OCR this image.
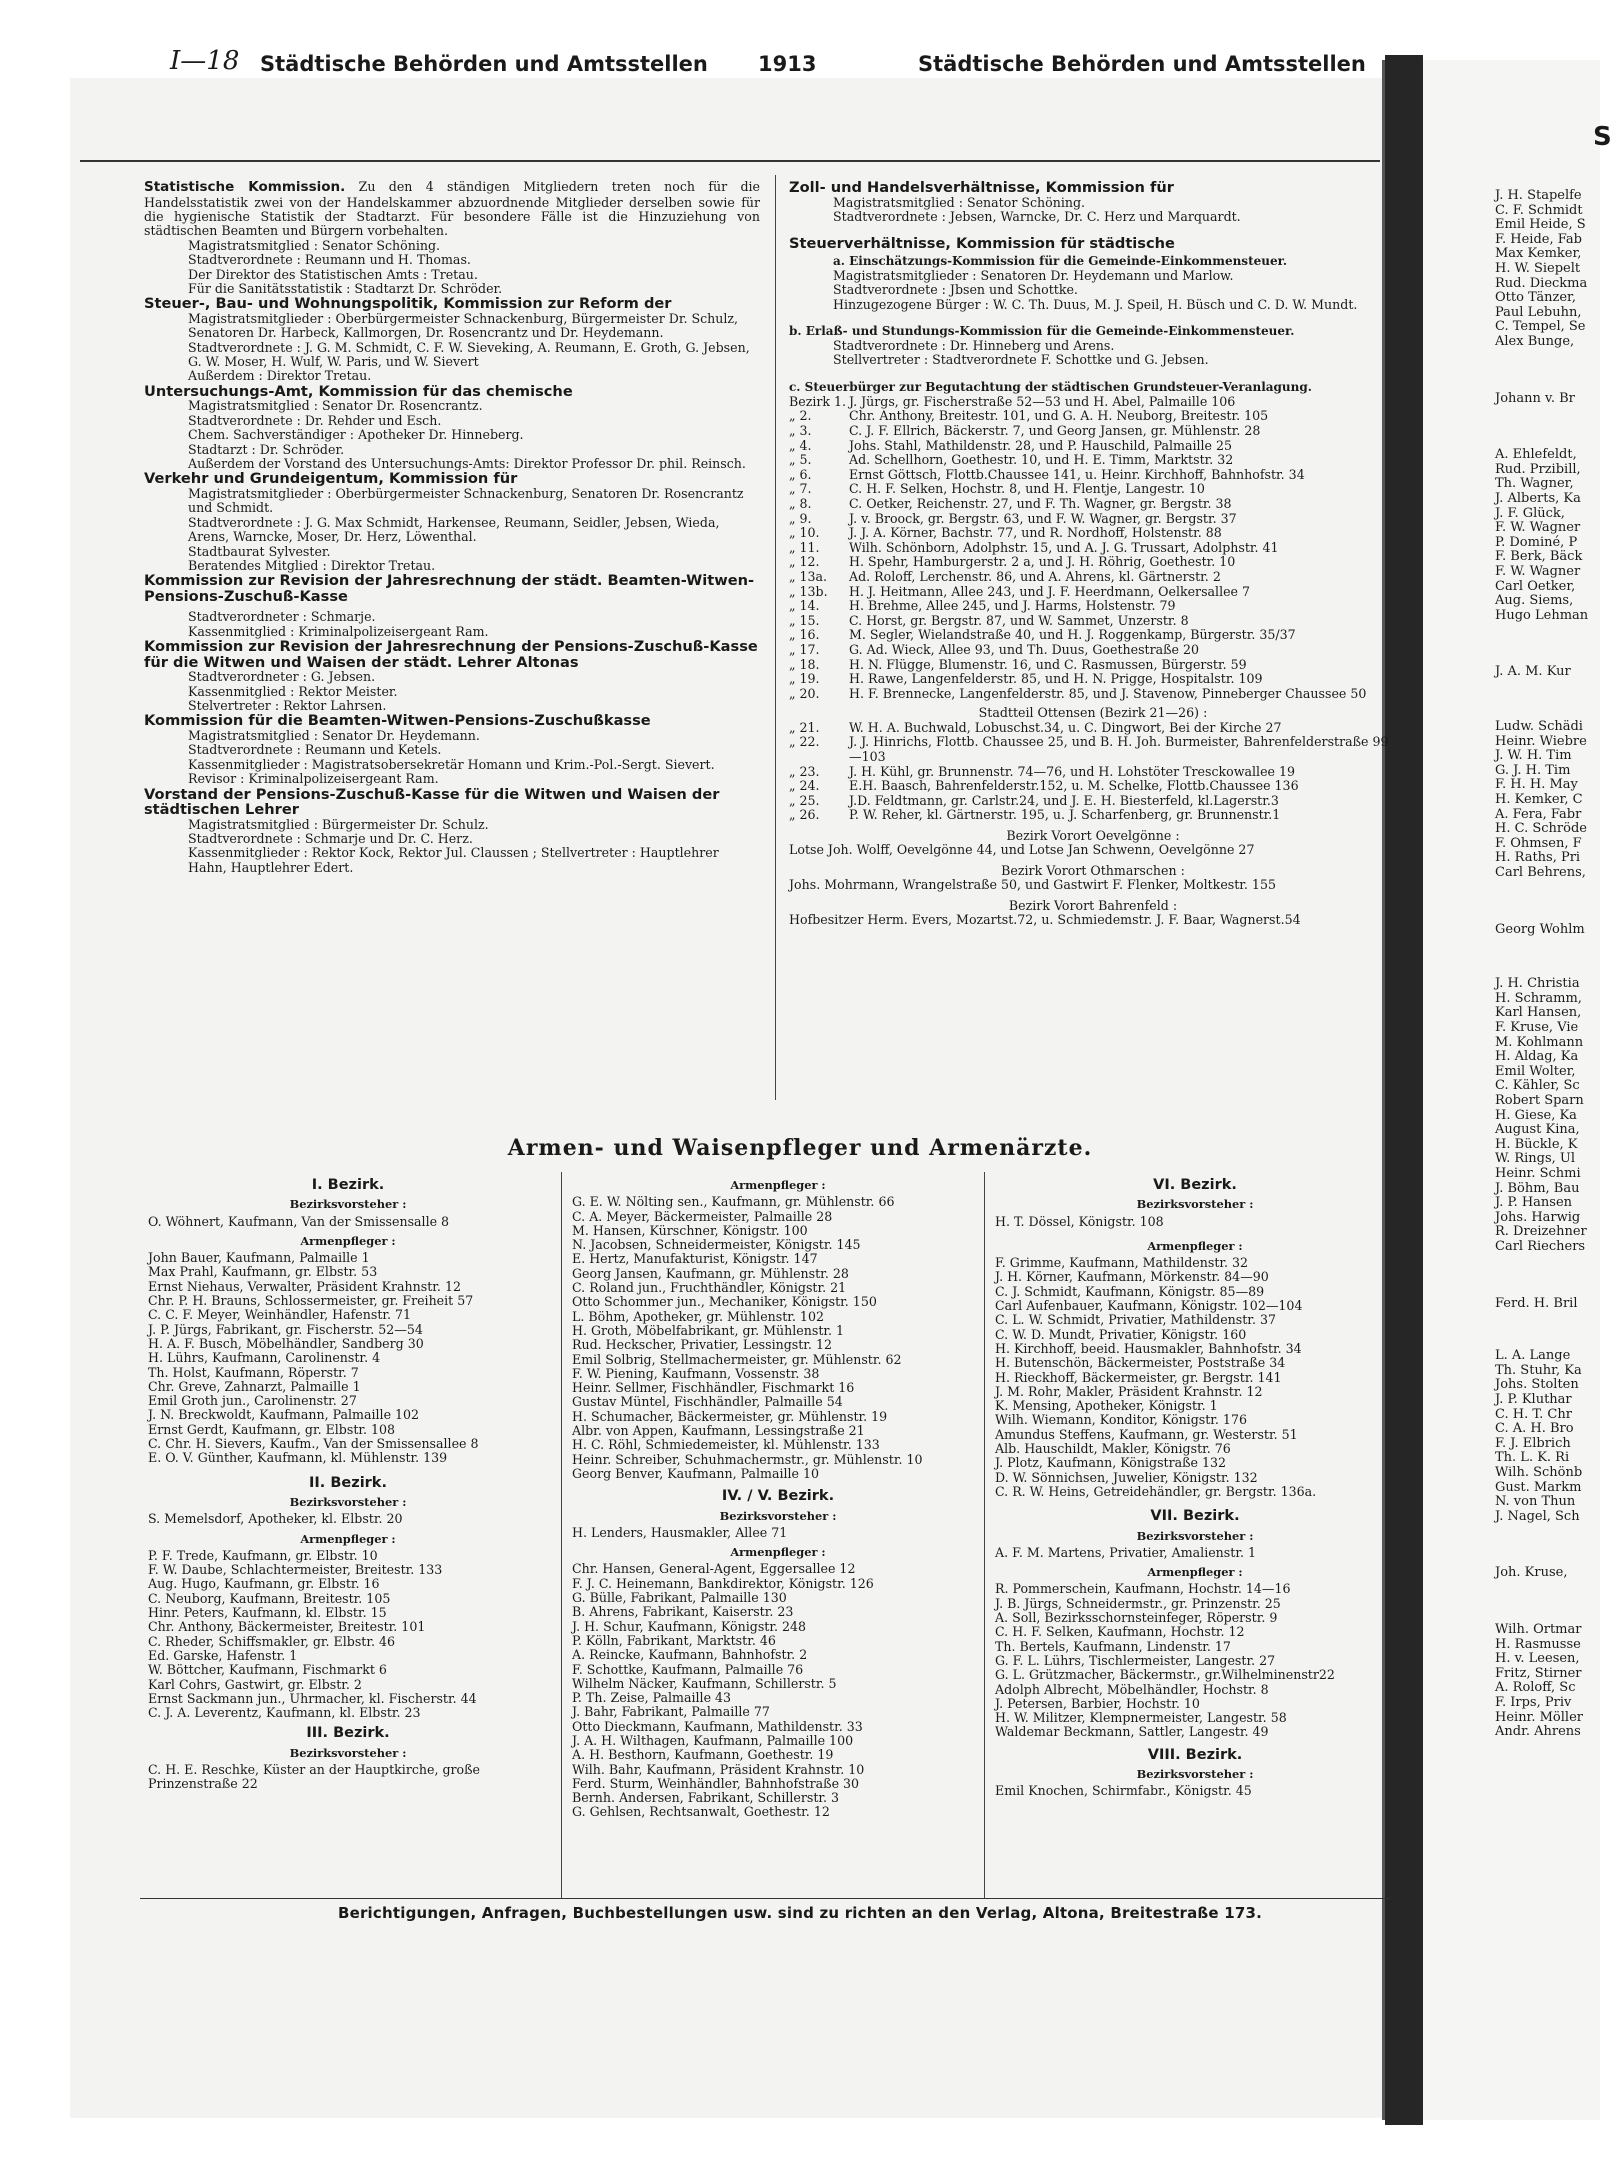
S
J. H. Stapelfe
C. F. Schmidt
Emil Heide, S
F. Heide, Fab
Max Kemker,
H. W. Siepelt
Rud. Dieckma
Otto Tänzer,
Paul Lebuhn,
C. Tempel, Se
Alex Bunge,
Johann v. Br
A. Ehlefeldt,
Rud. Przibill,
Th. Wagner,
J. Alberts, Ka
J. F. Glück,
F. W. Wagner
P. Dominé, P
F. Berk, Bäck
F. W. Wagner
Carl Oetker,
Aug. Siems,
Hugo Lehman
J. A. M. Kur
Ludw. Schädi
Heinr. Wiebre
J. W. H. Tim
G. J. H. Tim
F. H. H. May
H. Kemker, C
A. Fera, Fabr
H. C. Schröde
F. Ohmsen, F
H. Raths, Pri
Carl Behrens,
Georg Wohlm
J. H. Christia
H. Schramm,
Karl Hansen,
F. Kruse, Vie
M. Kohlmann
H. Aldag, Ka
Emil Wolter,
C. Kähler, Sc
Robert Sparn
H. Giese, Ka
August Kina,
H. Bückle, K
W. Rings, Ul
Heinr. Schmi
J. Böhm, Bau
J. P. Hansen
Johs. Harwig
R. Dreizehner
Carl Riechers
Ferd. H. Bril
L. A. Lange
Th. Stuhr, Ka
Johs. Stolten
J. P. Kluthar
C. H. T. Chr
C. A. H. Bro
F. J. Elbrich
Th. L. K. Ri
Wilh. Schönb
Gust. Markm
N. von Thun
J. Nagel, Sch
Joh. Kruse,
Wilh. Ortmar
H. Rasmusse
H. v. Leesen,
Fritz, Stirner
A. Roloff, Sc
F. Irps, Priv
Heinr. Möller
Andr. Ahrens
I—18 Städtische Behörden und Amtsstellen 1913	Städtische Behörden und Amtsstellen

Statistische Kommission. Zu den 4 ständigen Mitgliedern treten noch für die Handelsstatistik zwei von der Handelskammer abzuordnende Mitglieder derselben sowie für die hygienische Statistik der Stadtarzt. Für besondere Fälle ist die Hinzuziehung von städtischen Beamten und Bürgern vorbehalten.

Magistratsmitglied : Senator Schöning.

Stadtverordnete : Reumann und H. Thomas.

Der Direktor des Statistischen Amts : Tretau.

Für die Sanitätsstatistik : Stadtarzt Dr. Schröder.

Steuer-, Bau- und Wohnungspolitik, Kommission zur Reform der

Magistratsmitglieder : Oberbürgermeister Schnackenburg, Bürgermeister Dr. Schulz, Senatoren Dr. Harbeck, Kallmorgen, Dr. Rosencrantz und Dr. Heydemann.

Stadtverordnete : J. G. M. Schmidt, C. F. W. Sieveking, A. Reumann, E. Groth, G. Jebsen, G. W. Moser, H. Wulf, W. Paris, und W. Sievert

Außerdem : Direktor Tretau.

Untersuchungs-Amt, Kommission für das chemische

Magistratsmitglied : Senator Dr. Rosencrantz.

Stadtverordnete : Dr. Rehder und Esch.

Chem. Sachverständiger : Apotheker Dr. Hinneberg.

Stadtarzt : Dr. Schröder.

Außerdem der Vorstand des Untersuchungs-Amts: Direktor Professor Dr. phil. Reinsch.

Verkehr und Grundeigentum, Kommission für

Magistratsmitglieder : Oberbürgermeister Schnackenburg, Senatoren Dr. Rosencrantz und Schmidt.

Stadtverordnete : J. G. Max Schmidt, Harkensee, Reumann, Seidler, Jebsen, Wieda, Arens, Warncke, Moser, Dr. Herz, Löwenthal.

Stadtbaurat Sylvester.

Beratendes Mitglied : Direktor Tretau.

Kommission zur Revision der Jahresrechnung der städt. Beamten-Witwen-Pensions-Zuschuß-Kasse

Stadtverordneter : Schmarje.

Kassenmitglied : Kriminalpolizeisergeant Ram.

Kommission zur Revision der Jahresrechnung der Pensions-Zuschuß-Kasse für die Witwen und Waisen der städt. Lehrer Altonas

Stadtverordneter : G. Jebsen.

Kassenmitglied : Rektor Meister.

Stelvertreter : Rektor Lahrsen.

Kommission für die Beamten-Witwen-Pensions-Zuschußkasse

Magistratsmitglied : Senator Dr. Heydemann.

Stadtverordnete : Reumann und Ketels.

Kassenmitglieder : Magistratsobersekretär Homann und Krim.-Pol.-Sergt. Sievert.

Revisor : Kriminalpolizeisergeant Ram.

Vorstand der Pensions-Zuschuß-Kasse für die Witwen und Waisen der städtischen Lehrer

Magistratsmitglied : Bürgermeister Dr. Schulz.

Stadtverordnete : Schmarje und Dr. C. Herz.

Kassenmitglieder : Rektor Kock, Rektor Jul. Claussen ; Stellvertreter : Hauptlehrer Hahn, Hauptlehrer Edert.

Zoll- und Handelsverhältnisse, Kommission für

Magistratsmitglied : Senator Schöning.

Stadtverordnete : Jebsen, Warncke, Dr. C. Herz und Marquardt.

Steuerverhältnisse, Kommission für städtische

a. Einschätzungs-Kommission für die Gemeinde-Einkommensteuer.

Magistratsmitglieder : Senatoren Dr. Heydemann und Marlow.

Stadtverordnete : Jbsen und Schottke.

Hinzugezogene Bürger : W. C. Th. Duus, M. J. Speil, H. Büsch und C. D. W. Mundt.

b. Erlaß- und Stundungs-Kommission für die Gemeinde-Einkommensteuer.

Stadtverordnete : Dr. Hinneberg und Arens.

Stellvertreter : Stadtverordnete F. Schottke und G. Jebsen.

c. Steuerbürger zur Begutachtung der städtischen Grundsteuer-Veranlagung.

Bezirk 1. J. Jürgs, gr. Fischerstraße 52—53 und H. Abel, Palmaille 106
„ 2.	Chr. Anthony, Breitestr. 101, und G. A. H. Neuborg, Breitestr. 105
„ 3.	C. J. F. Ellrich, Bäckerstr. 7, und Georg Jansen, gr. Mühlenstr. 28
„ 4.	Johs. Stahl, Mathildenstr. 28, und P. Hauschild, Palmaille 25
„ 5.	Ad. Schellhorn, Goethestr. 10, und H. E. Timm, Marktstr. 32
„ 6.	Ernst Göttsch, Flottb.Chaussee 141, u. Heinr. Kirchhoff, Bahnhofstr. 34
„ 7.	C. H. F. Selken, Hochstr. 8, und H. Flentje, Langestr. 10
„ 8.	C. Oetker, Reichenstr. 27, und F. Th. Wagner, gr. Bergstr. 38
„ 9.	J. v. Broock, gr. Bergstr. 63, und F. W. Wagner, gr. Bergstr. 37
„ 10.	J. J. A. Körner, Bachstr. 77, und R. Nordhoff, Holstenstr. 88
„ 11.	Wilh. Schönborn, Adolphstr. 15, und A. J. G. Trussart, Adolphstr. 41
„ 12.	H. Spehr, Hamburgerstr. 2 a, und J. H. Röhrig, Goethestr. 10
„ 13a.	Ad. Roloff, Lerchenstr. 86, und A. Ahrens, kl. Gärtnerstr. 2
„ 13b.	H. J. Heitmann, Allee 243, und J. F. Heerdmann, Oelkersallee 7
„ 14.	H. Brehme, Allee 245, und J. Harms, Holstenstr. 79
„ 15.	C. Horst, gr. Bergstr. 87, und W. Sammet, Unzerstr. 8
„ 16.	M. Segler, Wielandstraße 40, und H. J. Roggenkamp, Bürgerstr. 35/37
„ 17.	G. Ad. Wieck, Allee 93, und Th. Duus, Goethestraße 20
„ 18.	H. N. Flügge, Blumenstr. 16, und C. Rasmussen, Bürgerstr. 59
„ 19.	H. Rawe, Langenfelderstr. 85, und H. N. Prigge, Hospitalstr. 109
„ 20.	H. F. Brennecke, Langenfelderstr. 85, und J. Stavenow, Pinneberger Chaussee 50

Stadtteil Ottensen (Bezirk 21—26) :

„ 21.	W. H. A. Buchwald, Lobuschst.34, u. C. Dingwort, Bei der Kirche 27
„ 22.	J. J. Hinrichs, Flottb. Chaussee 25, und B. H. Joh. Burmeister, Bahrenfelderstraße 99—103
„ 23.	J. H. Kühl, gr. Brunnenstr. 74—76, und H. Lohstöter Tresckowallee 19
„ 24.	E.H. Baasch, Bahrenfelderstr.152, u. M. Schelke, Flottb.Chaussee 136
„ 25.	J.D. Feldtmann, gr. Carlstr.24, und J. E. H. Biesterfeld, kl.Lagerstr.3
„ 26.	P. W. Reher, kl. Gärtnerstr. 195, u. J. Scharfenberg, gr. Brunnenstr.1

Bezirk Vorort Oevelgönne :

Lotse Joh. Wolff, Oevelgönne 44, und Lotse Jan Schwenn, Oevelgönne 27

Bezirk Vorort Othmarschen :

Johs. Mohrmann, Wrangelstraße 50, und Gastwirt F. Flenker, Moltkestr. 155

Bezirk Vorort Bahrenfeld :

Hofbesitzer Herm. Evers, Mozartst.72, u. Schmiedemstr. J. F. Baar, Wagnerst.54

Armen- und Waisenpfleger und Armenärzte.
I. Bezirk.
Bezirksvorsteher :

O. Wöhnert, Kaufmann, Van der Smissensalle 8

Armenpfleger :

John Bauer, Kaufmann, Palmaille 1

Max Prahl, Kaufmann, gr. Elbstr. 53

Ernst Niehaus, Verwalter, Präsident Krahnstr. 12

Chr. P. H. Brauns, Schlossermeister, gr. Freiheit 57

C. C. F. Meyer, Weinhändler, Hafenstr. 71

J. P. Jürgs, Fabrikant, gr. Fischerstr. 52—54

H. A. F. Busch, Möbelhändler, Sandberg 30

H. Lührs, Kaufmann, Carolinenstr. 4

Th. Holst, Kaufmann, Röperstr. 7

Chr. Greve, Zahnarzt, Palmaille 1

Emil Groth jun., Carolinenstr. 27

J. N. Breckwoldt, Kaufmann, Palmaille 102

Ernst Gerdt, Kaufmann, gr. Elbstr. 108

C. Chr. H. Sievers, Kaufm., Van der Smissensallee 8

E. O. V. Günther, Kaufmann, kl. Mühlenstr. 139

II. Bezirk.
Bezirksvorsteher :

S. Memelsdorf, Apotheker, kl. Elbstr. 20

Armenpfleger :

P. F. Trede, Kaufmann, gr. Elbstr. 10

F. W. Daube, Schlachtermeister, Breitestr. 133

Aug. Hugo, Kaufmann, gr. Elbstr. 16

C. Neuborg, Kaufmann, Breitestr. 105

Hinr. Peters, Kaufmann, kl. Elbstr. 15

Chr. Anthony, Bäckermeister, Breitestr. 101

C. Rheder, Schiffsmakler, gr. Elbstr. 46

Ed. Garske, Hafenstr. 1

W. Böttcher, Kaufmann, Fischmarkt 6

Karl Cohrs, Gastwirt, gr. Elbstr. 2

Ernst Sackmann jun., Uhrmacher, kl. Fischerstr. 44

C. J. A. Leverentz, Kaufmann, kl. Elbstr. 23

III. Bezirk.
Bezirksvorsteher :

C. H. E. Reschke, Küster an der Hauptkirche, große Prinzenstraße 22

Armenpfleger :

G. E. W. Nölting sen., Kaufmann, gr. Mühlenstr. 66

C. A. Meyer, Bäckermeister, Palmaille 28

M. Hansen, Kürschner, Königstr. 100

N. Jacobsen, Schneidermeister, Königstr. 145

E. Hertz, Manufakturist, Königstr. 147

Georg Jansen, Kaufmann, gr. Mühlenstr. 28

C. Roland jun., Fruchthändler, Königstr. 21

Otto Schommer jun., Mechaniker, Königstr. 150

L. Böhm, Apotheker, gr. Mühlenstr. 102

H. Groth, Möbelfabrikant, gr. Mühlenstr. 1

Rud. Heckscher, Privatier, Lessingstr. 12

Emil Solbrig, Stellmachermeister, gr. Mühlenstr. 62

F. W. Piening, Kaufmann, Vossenstr. 38

Heinr. Sellmer, Fischhändler, Fischmarkt 16

Gustav Müntel, Fischhändler, Palmaille 54

H. Schumacher, Bäckermeister, gr. Mühlenstr. 19

Albr. von Appen, Kaufmann, Lessingstraße 21

H. C. Röhl, Schmiedemeister, kl. Mühlenstr. 133

Heinr. Schreiber, Schuhmachermstr., gr. Mühlenstr. 10

Georg Benver, Kaufmann, Palmaille 10

IV. / V. Bezirk.
Bezirksvorsteher :

H. Lenders, Hausmakler, Allee 71

Armenpfleger :

Chr. Hansen, General-Agent, Eggersallee 12

F. J. C. Heinemann, Bankdirektor, Königstr. 126

G. Bülle, Fabrikant, Palmaille 130

B. Ahrens, Fabrikant, Kaiserstr. 23

J. H. Schur, Kaufmann, Königstr. 248

P. Kölln, Fabrikant, Marktstr. 46

A. Reincke, Kaufmann, Bahnhofstr. 2

F. Schottke, Kaufmann, Palmaille 76

Wilhelm Näcker, Kaufmann, Schillerstr. 5

P. Th. Zeise, Palmaille 43

J. Bahr, Fabrikant, Palmaille 77

Otto Dieckmann, Kaufmann, Mathildenstr. 33

J. A. H. Wilthagen, Kaufmann, Palmaille 100

A. H. Besthorn, Kaufmann, Goethestr. 19

Wilh. Bahr, Kaufmann, Präsident Krahnstr. 10

Ferd. Sturm, Weinhändler, Bahnhofstraße 30

Bernh. Andersen, Fabrikant, Schillerstr. 3

G. Gehlsen, Rechtsanwalt, Goethestr. 12

VI. Bezirk.
Bezirksvorsteher :

H. T. Dössel, Königstr. 108

Armenpfleger :

F. Grimme, Kaufmann, Mathildenstr. 32

J. H. Körner, Kaufmann, Mörkenstr. 84—90

C. J. Schmidt, Kaufmann, Königstr. 85—89

Carl Aufenbauer, Kaufmann, Königstr. 102—104

C. L. W. Schmidt, Privatier, Mathildenstr. 37

C. W. D. Mundt, Privatier, Königstr. 160

H. Kirchhoff, beeid. Hausmakler, Bahnhofstr. 34

H. Butenschön, Bäckermeister, Poststraße 34

H. Rieckhoff, Bäckermeister, gr. Bergstr. 141

J. M. Rohr, Makler, Präsident Krahnstr. 12

K. Mensing, Apotheker, Königstr. 1

Wilh. Wiemann, Konditor, Königstr. 176

Amundus Steffens, Kaufmann, gr. Westerstr. 51

Alb. Hauschildt, Makler, Königstr. 76

J. Plotz, Kaufmann, Königstraße 132

D. W. Sönnichsen, Juwelier, Königstr. 132

C. R. W. Heins, Getreidehändler, gr. Bergstr. 136a.

VII. Bezirk.
Bezirksvorsteher :

A. F. M. Martens, Privatier, Amalienstr. 1

Armenpfleger :

R. Pommerschein, Kaufmann, Hochstr. 14—16

J. B. Jürgs, Schneidermstr., gr. Prinzenstr. 25

A. Soll, Bezirksschornsteinfeger, Röperstr. 9

C. H. F. Selken, Kaufmann, Hochstr. 12

Th. Bertels, Kaufmann, Lindenstr. 17

G. F. L. Lührs, Tischlermeister, Langestr. 27

G. L. Grützmacher, Bäckermstr., gr.Wilhelminenstr22

Adolph Albrecht, Möbelhändler, Hochstr. 8

J. Petersen, Barbier, Hochstr. 10

H. W. Militzer, Klempnermeister, Langestr. 58

Waldemar Beckmann, Sattler, Langestr. 49

VIII. Bezirk.
Bezirksvorsteher :

Emil Knochen, Schirmfabr., Königstr. 45

Berichtigungen, Anfragen, Buchbestellungen usw. sind zu richten an den Verlag, Altona, Breitestraße 173.
